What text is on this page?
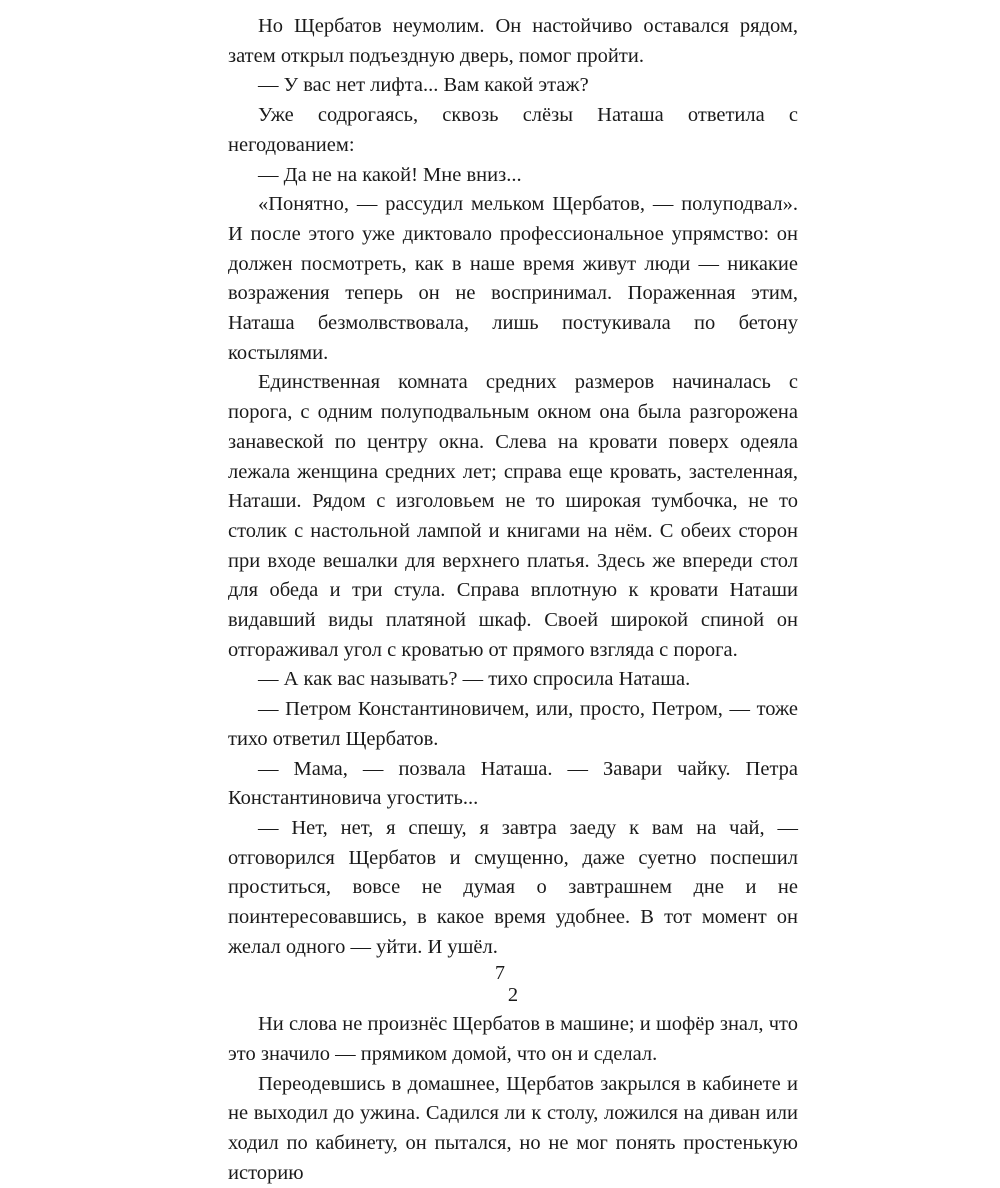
Но Щербатов неумолим. Он настойчиво оставался рядом, затем открыл подъездную дверь, помог пройти.

— У вас нет лифта... Вам какой этаж?

Уже содрогаясь, сквозь слёзы Наташа ответила с негодованием:

— Да не на какой! Мне вниз...

«Понятно, — рассудил мельком Щербатов, — полуподвал». И после этого уже диктовало профессиональное упрямство: он должен посмотреть, как в наше время живут люди — никакие возражения теперь он не воспринимал. Пораженная этим, Наташа безмолвствовала, лишь постукивала по бетону костылями.

Единственная комната средних размеров начиналась с порога, с одним полуподвальным окном она была разгорожена занавеской по центру окна. Слева на кровати поверх одеяла лежала женщина средних лет; справа еще кровать, застеленная, Наташи. Рядом с изголовьем не то широкая тумбочка, не то столик с настольной лампой и книгами на нём. С обеих сторон при входе вешалки для верхнего платья. Здесь же впереди стол для обеда и три стула. Справа вплотную к кровати Наташи видавший виды платяной шкаф. Своей широкой спиной он отгораживал угол с кроватью от прямого взгляда с порога.

— А как вас называть? — тихо спросила Наташа.

— Петром Константиновичем, или, просто, Петром, — тоже тихо ответил Щербатов.

— Мама, — позвала Наташа. — Завари чайку. Петра Константиновича угостить...

— Нет, нет, я спешу, я завтра заеду к вам на чай, — отговорился Щербатов и смущенно, даже суетно поспешил проститься, вовсе не думая о завтрашнем дне и не поинтересовавшись, в какое время удобнее. В тот момент он желал одного — уйти. И ушёл.

2

Ни слова не произнёс Щербатов в машине; и шофёр знал, что это значило — прямиком домой, что он и сделал.

Переодевшись в домашнее, Щербатов закрылся в кабинете и не выходил до ужина. Садился ли к столу, ложился на диван или ходил по кабинету, он пытался, но не мог понять простенькую историю

7
